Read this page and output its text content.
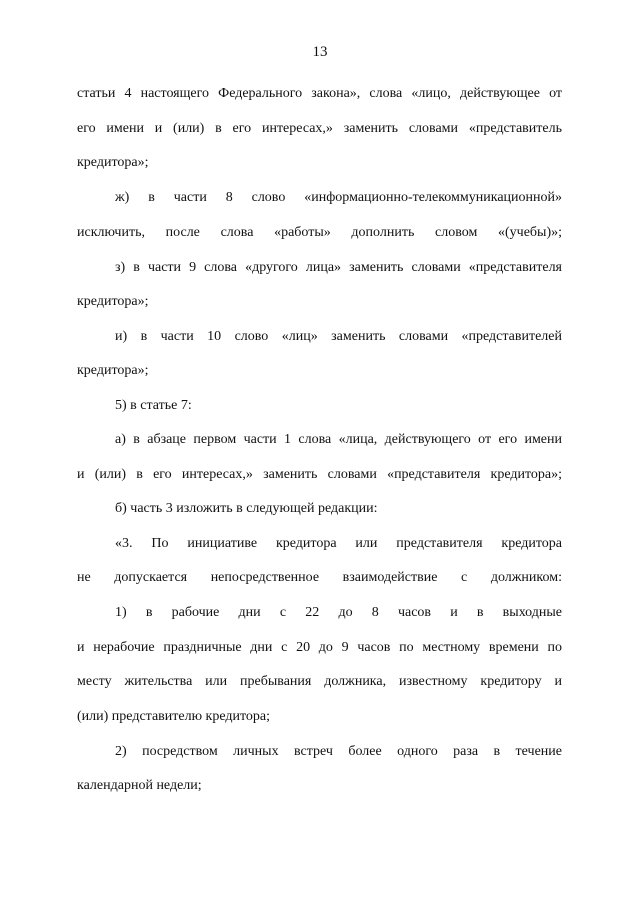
13
статьи 4 настоящего Федерального закона», слова «лицо, действующее от
его имени и (или) в его интересах,» заменить словами «представитель
кредитора»;
ж) в части 8 слово «информационно-телекоммуникационной»
исключить, после слова «работы» дополнить словом «(учебы)»;
з) в части 9 слова «другого лица» заменить словами «представителя
кредитора»;
и) в части 10 слово «лиц» заменить словами «представителей
кредитора»;
5) в статье 7:
а) в абзаце первом части 1 слова «лица, действующего от его имени
и (или) в его интересах,» заменить словами «представителя кредитора»;
б) часть 3 изложить в следующей редакции:
«3. По инициативе кредитора или представителя кредитора
не допускается непосредственное взаимодействие с должником:
1) в рабочие дни с 22 до 8 часов и в выходные
и нерабочие праздничные дни с 20 до 9 часов по местному времени по
месту жительства или пребывания должника, известному кредитору и
(или) представителю кредитора;
2) посредством личных встреч более одного раза в течение
календарной недели;
